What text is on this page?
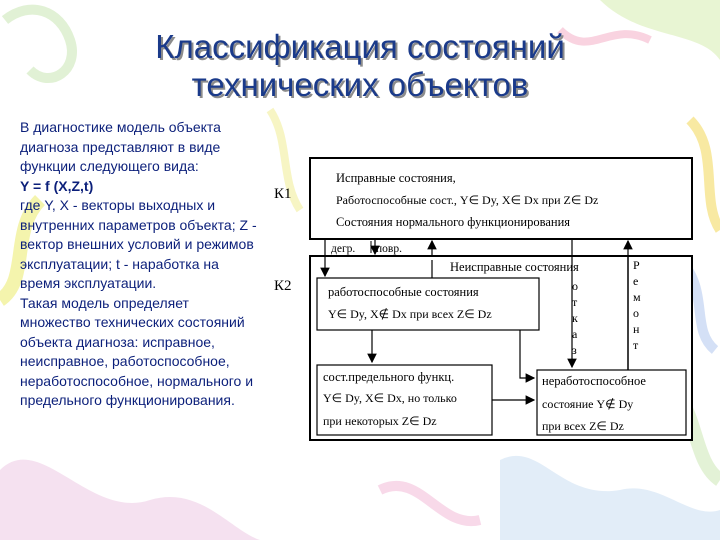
Классификация состояний
технических объектов

В диагностике модель объекта диагноза представляют в виде функции следующего вида:

Y = f (X,Z,t)

где Y, X - векторы выходных и внутренних параметров объекта; Z - вектор внешних условий и режимов эксплуатации; t - наработка на время эксплуатации.

Такая модель определяет множество технических состояний объекта диагноза: исправное, неисправное, работоспособное, неработоспособное, нормального и предельного функционирования.

К1
К2
Исправные состояния,
Работоспособные сост., Y∈ Dy, X∈ Dx при Z∈ Dz
Состояния нормального функционирования
дегр. повр.
Неисправные состояния
работоспособные состояния
Y∈ Dy, X∉ Dx при всех Z∈ Dz
сост.предельного функц.
Y∈ Dy, X∈ Dx, но только
при некоторых Z∈ Dz
неработоспособное
состояние Y∉ Dy
при всех Z∈ Dz
о
т
к
а
з
Р
е
м
о
н
т
